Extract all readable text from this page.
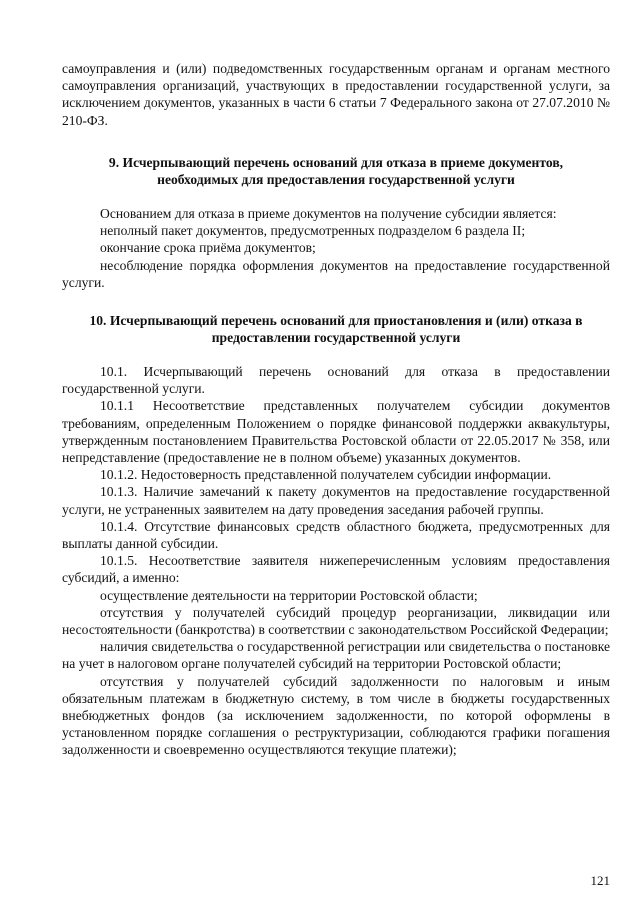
самоуправления и (или) подведомственных государственным органам и органам местного самоуправления организаций, участвующих в предоставлении государственной услуги, за исключением документов, указанных в части 6 статьи 7 Федерального закона от 27.07.2010 № 210-ФЗ.

9. Исчерпывающий перечень оснований для отказа в приеме документов,

необходимых для предоставления государственной услуги

Основанием для отказа в приеме документов на получение субсидии является:

неполный пакет документов, предусмотренных подразделом 6 раздела II;

окончание срока приёма документов;

несоблюдение порядка оформления документов на предоставление государственной услуги.

10. Исчерпывающий перечень оснований для приостановления и (или) отказа в

предоставлении государственной услуги

10.1. Исчерпывающий перечень оснований для отказа в предоставлении государственной услуги.

10.1.1 Несоответствие представленных получателем субсидии документов требованиям, определенным Положением о порядке финансовой поддержки аквакультуры, утвержденным постановлением Правительства Ростовской области от 22.05.2017 № 358, или непредставление (предоставление не в полном объеме) указанных документов.

10.1.2. Недостоверность представленной получателем субсидии информации.

10.1.3. Наличие замечаний к пакету документов на предоставление государственной услуги, не устраненных заявителем на дату проведения заседания рабочей группы.

10.1.4. Отсутствие финансовых средств областного бюджета, предусмотренных для выплаты данной субсидии.

10.1.5. Несоответствие заявителя нижеперечисленным условиям предоставления субсидий, а именно:

осуществление деятельности на территории Ростовской области;

отсутствия у получателей субсидий процедур реорганизации, ликвидации или несостоятельности (банкротства) в соответствии с законодательством Российской Федерации;

наличия свидетельства о государственной регистрации или свидетельства о постановке на учет в налоговом органе получателей субсидий на территории Ростовской области;

отсутствия у получателей субсидий задолженности по налоговым и иным обязательным платежам в бюджетную систему, в том числе в бюджеты государственных внебюджетных фондов (за исключением задолженности, по которой оформлены в установленном порядке соглашения о реструктуризации, соблюдаются графики погашения задолженности и своевременно осуществляются текущие платежи);

121
